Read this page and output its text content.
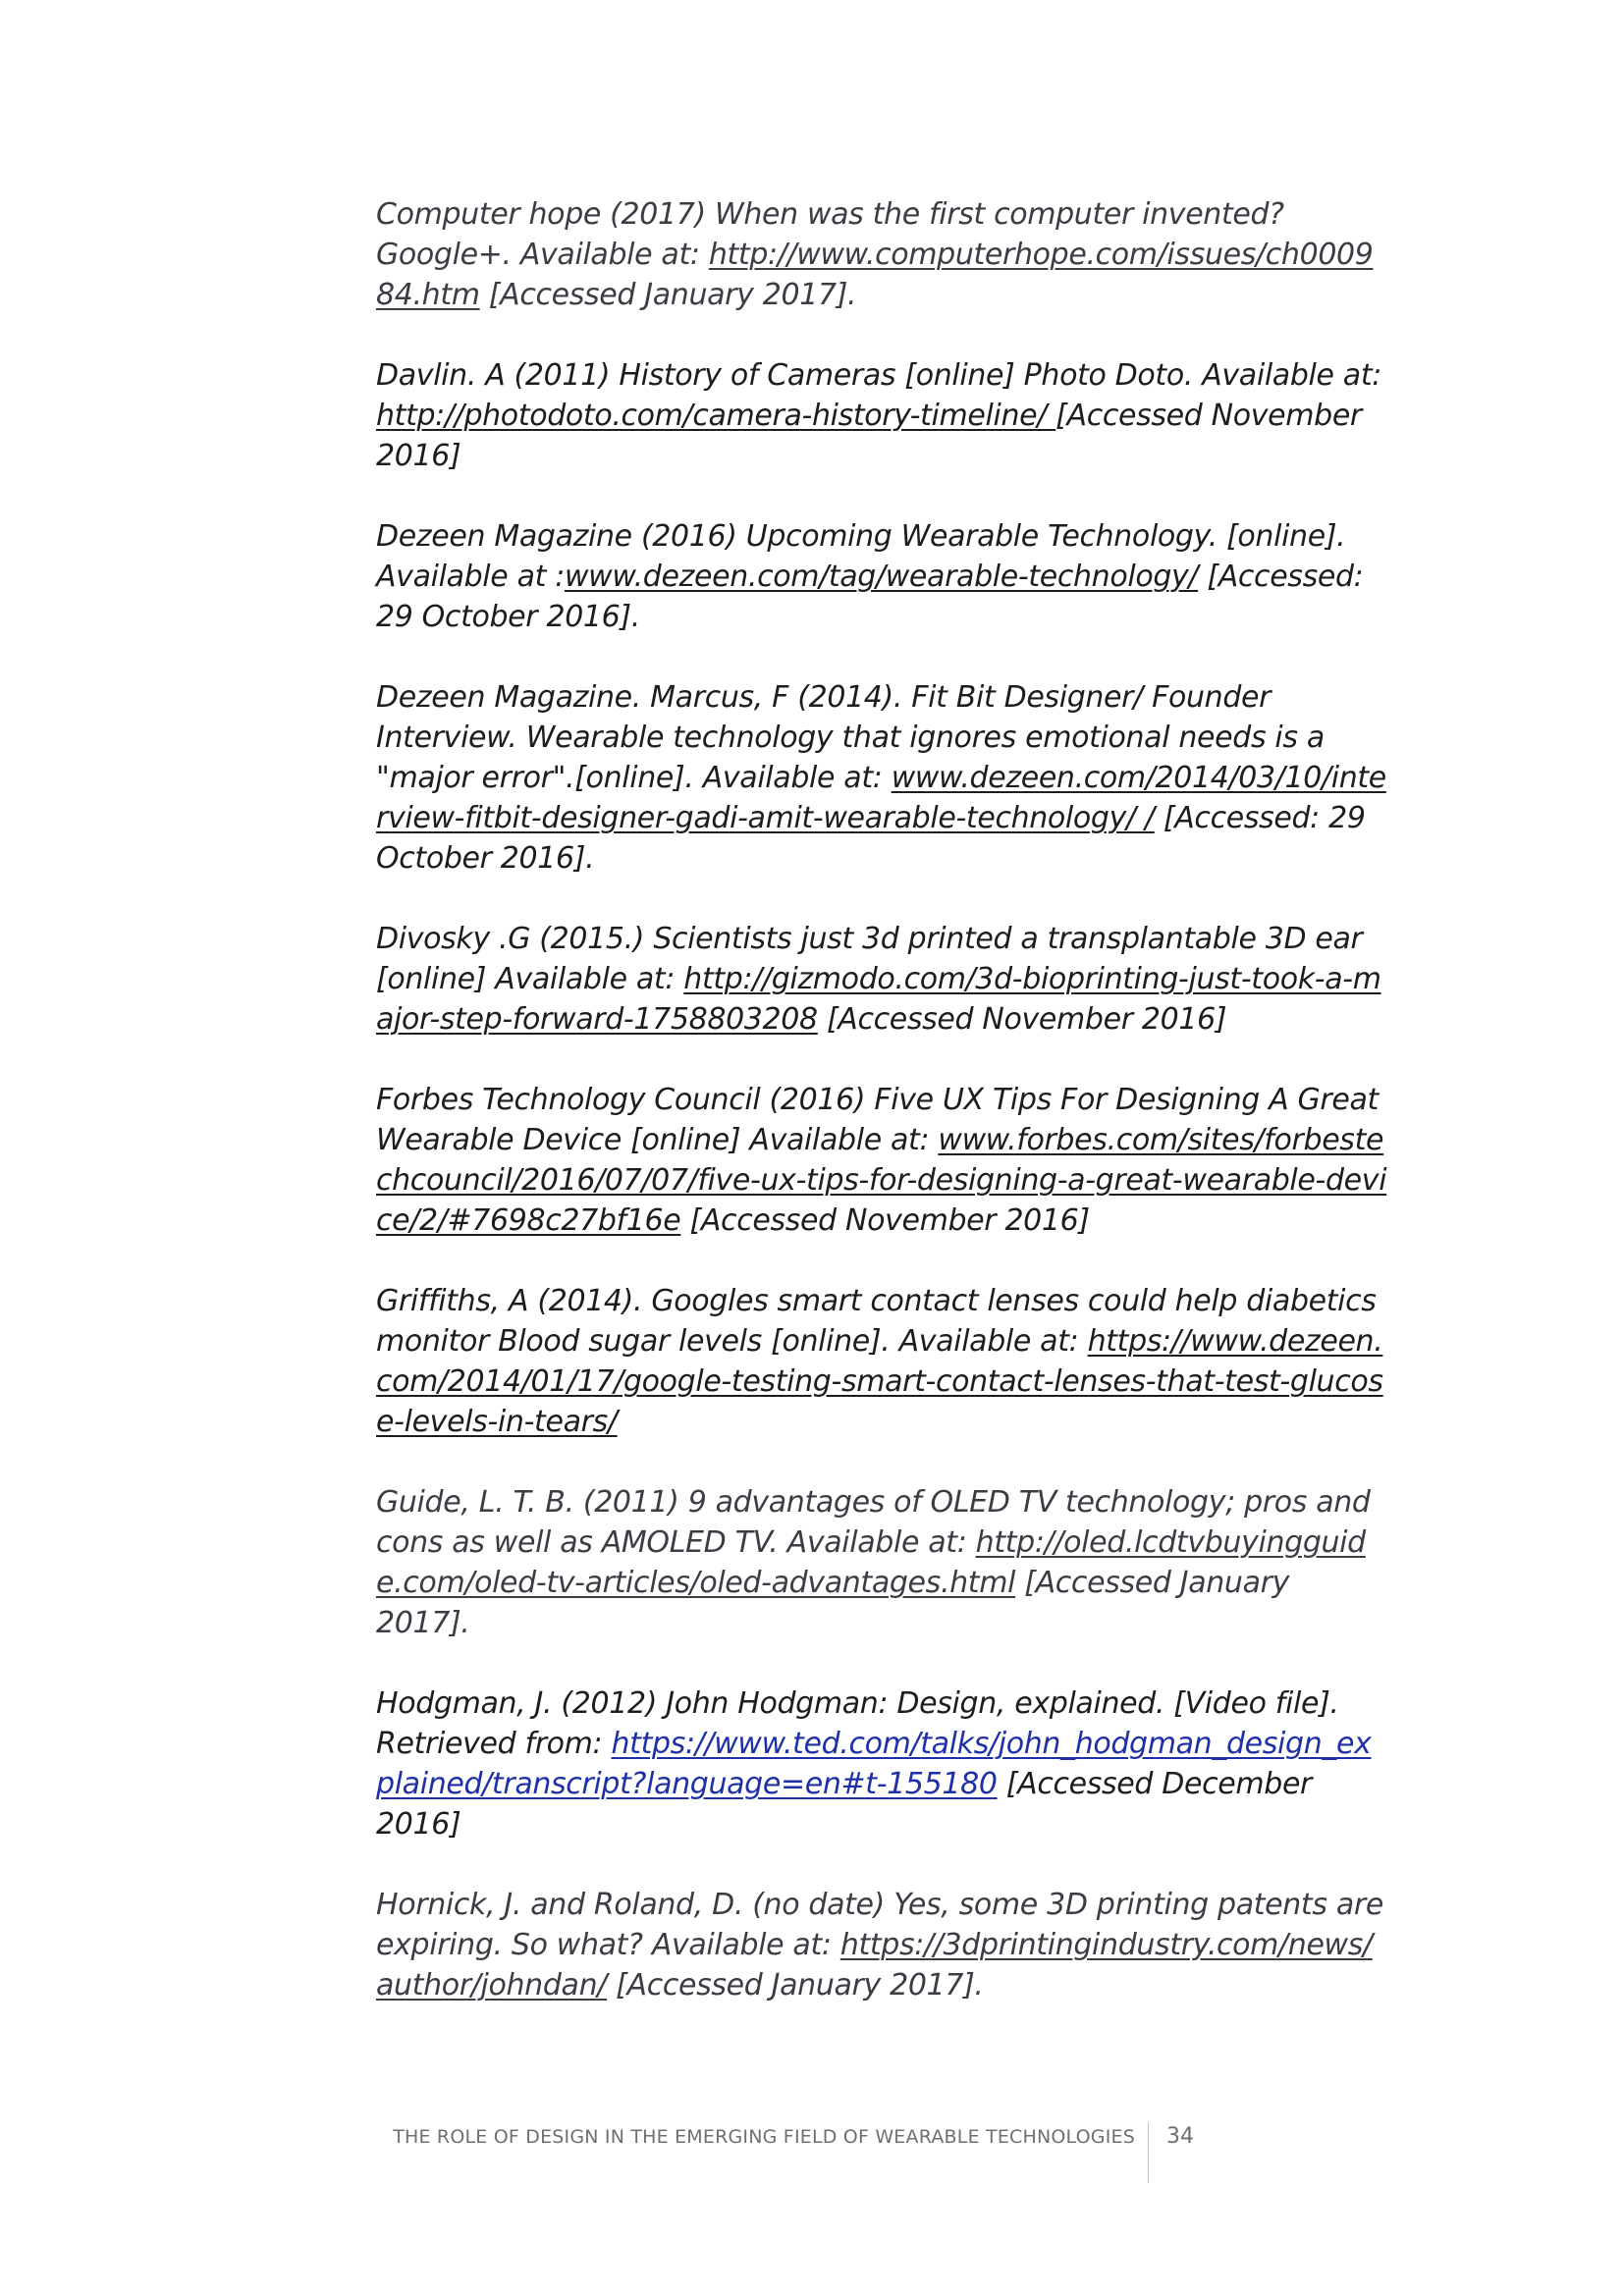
Computer hope (2017) When was the first computer invented? Google+. Available at: http://www.computerhope.com/issues/ch000984.htm [Accessed January 2017].

Davlin. A (2011) History of Cameras [online] Photo Doto. Available at: http://photodoto.com/camera-history-timeline/ [Accessed November 2016]

Dezeen Magazine (2016) Upcoming Wearable Technology. [online]. Available at :www.dezeen.com/tag/wearable-technology/ [Accessed: 29 October 2016].

Dezeen Magazine. Marcus, F (2014). Fit Bit Designer/ Founder Interview. Wearable technology that ignores emotional needs is a "major error".[online]. Available at: www.dezeen.com/2014/03/10/interview-fitbit-designer-gadi-amit-wearable-technology/ / [Accessed: 29 October 2016].

Divosky .G (2015.) Scientists just 3d printed a transplantable 3D ear [online] Available at: http://gizmodo.com/3d-bioprinting-just-took-a-major-step-forward-1758803208 [Accessed November 2016]

Forbes Technology Council (2016) Five UX Tips For Designing A Great Wearable Device [online] Available at: www.forbes.com/sites/forbestechcouncil/2016/07/07/five-ux-tips-for-designing-a-great-wearable-device/2/#7698c27bf16e [Accessed November 2016]

Griffiths, A (2014). Googles smart contact lenses could help diabetics monitor Blood sugar levels [online]. Available at: https://www.dezeen.com/2014/01/17/google-testing-smart-contact-lenses-that-test-glucose-levels-in-tears/

Guide, L. T. B. (2011) 9 advantages of OLED TV technology; pros and cons as well as AMOLED TV. Available at: http://oled.lcdtvbuyingguide.com/oled-tv-articles/oled-advantages.html [Accessed January 2017].

Hodgman, J. (2012) John Hodgman: Design, explained. [Video file]. Retrieved from: https://www.ted.com/talks/john_hodgman_design_explained/transcript?language=en#t-155180 [Accessed December 2016]

Hornick, J. and Roland, D. (no date) Yes, some 3D printing patents are expiring. So what? Available at: https://3dprintingindustry.com/news/author/johndan/ [Accessed January 2017].

THE ROLE OF DESIGN IN THE EMERGING FIELD OF WEARABLE TECHNOLOGIES 34
